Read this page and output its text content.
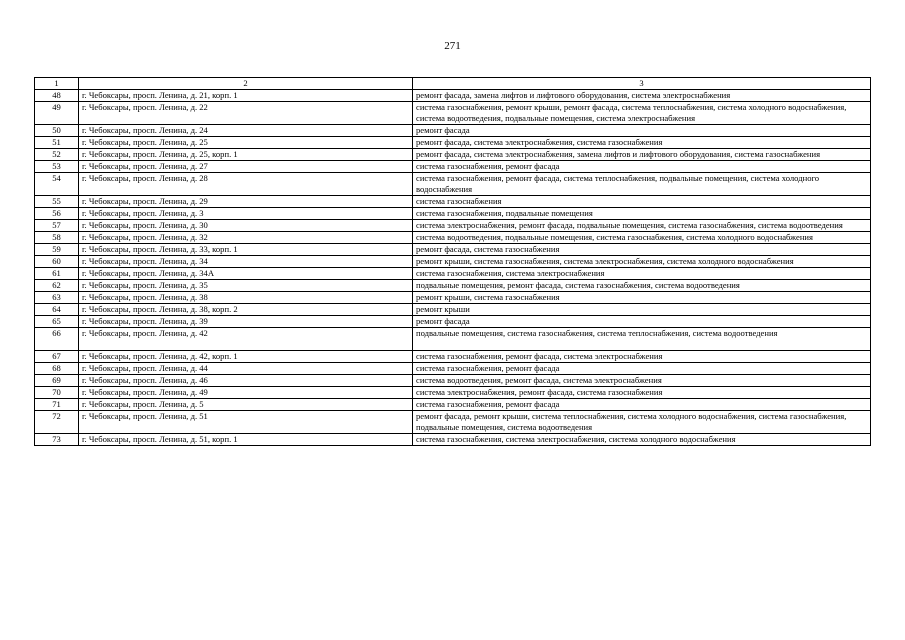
271
1	2	3
48	г. Чебоксары, просп. Ленина, д. 21, корп. 1	ремонт фасада, замена лифтов и лифтового оборудования, система электроснабжения
49	г. Чебоксары, просп. Ленина, д. 22	система газоснабжения, ремонт крыши, ремонт фасада, система теплоснабжения, система холодного водоснабжения, система водоотведения, подвальные помещения, система электроснабжения
50	г. Чебоксары, просп. Ленина, д. 24	ремонт фасада
51	г. Чебоксары, просп. Ленина, д. 25	ремонт фасада, система электроснабжения, система газоснабжения
52	г. Чебоксары, просп. Ленина, д. 25, корп. 1	ремонт фасада, система электроснабжения, замена лифтов и лифтового оборудования, система газоснабжения
53	г. Чебоксары, просп. Ленина, д. 27	система газоснабжения, ремонт фасада
54	г. Чебоксары, просп. Ленина, д. 28	система газоснабжения, ремонт фасада, система теплоснабжения, подвальные помещения, система холодного водоснабжения
55	г. Чебоксары, просп. Ленина, д. 29	система газоснабжения
56	г. Чебоксары, просп. Ленина, д. 3	система газоснабжения, подвальные помещения
57	г. Чебоксары, просп. Ленина, д. 30	система электроснабжения, ремонт фасада, подвальные помещения, система газоснабжения, система водоотведения
58	г. Чебоксары, просп. Ленина, д. 32	система водоотведения, подвальные помещения, система газоснабжения, система холодного водоснабжения
59	г. Чебоксары, просп. Ленина, д. 33, корп. 1	ремонт фасада, система газоснабжения
60	г. Чебоксары, просп. Ленина, д. 34	ремонт крыши, система газоснабжения, система электроснабжения, система холодного водоснабжения
61	г. Чебоксары, просп. Ленина, д. 34А	система газоснабжения, система электроснабжения
62	г. Чебоксары, просп. Ленина, д. 35	подвальные помещения, ремонт фасада, система газоснабжения, система водоотведения
63	г. Чебоксары, просп. Ленина, д. 38	ремонт крыши, система газоснабжения
64	г. Чебоксары, просп. Ленина, д. 38, корп. 2	ремонт крыши
65	г. Чебоксары, просп. Ленина, д. 39	ремонт фасада
66	г. Чебоксары, просп. Ленина, д. 42	подвальные помещения, система газоснабжения, система теплоснабжения, система водоотведения
67	г. Чебоксары, просп. Ленина, д. 42, корп. 1	система газоснабжения, ремонт фасада, система электроснабжения
68	г. Чебоксары, просп. Ленина, д. 44	система газоснабжения, ремонт фасада
69	г. Чебоксары, просп. Ленина, д. 46	система водоотведения, ремонт фасада, система электроснабжения
70	г. Чебоксары, просп. Ленина, д. 49	система электроснабжения, ремонт фасада, система газоснабжения
71	г. Чебоксары, просп. Ленина, д. 5	система газоснабжения, ремонт фасада
72	г. Чебоксары, просп. Ленина, д. 51	ремонт фасада, ремонт крыши, система теплоснабжения, система холодного водоснабжения, система газоснабжения, подвальные помещения, система водоотведения
73	г. Чебоксары, просп. Ленина, д. 51, корп. 1	система газоснабжения, система электроснабжения, система холодного водоснабжения
